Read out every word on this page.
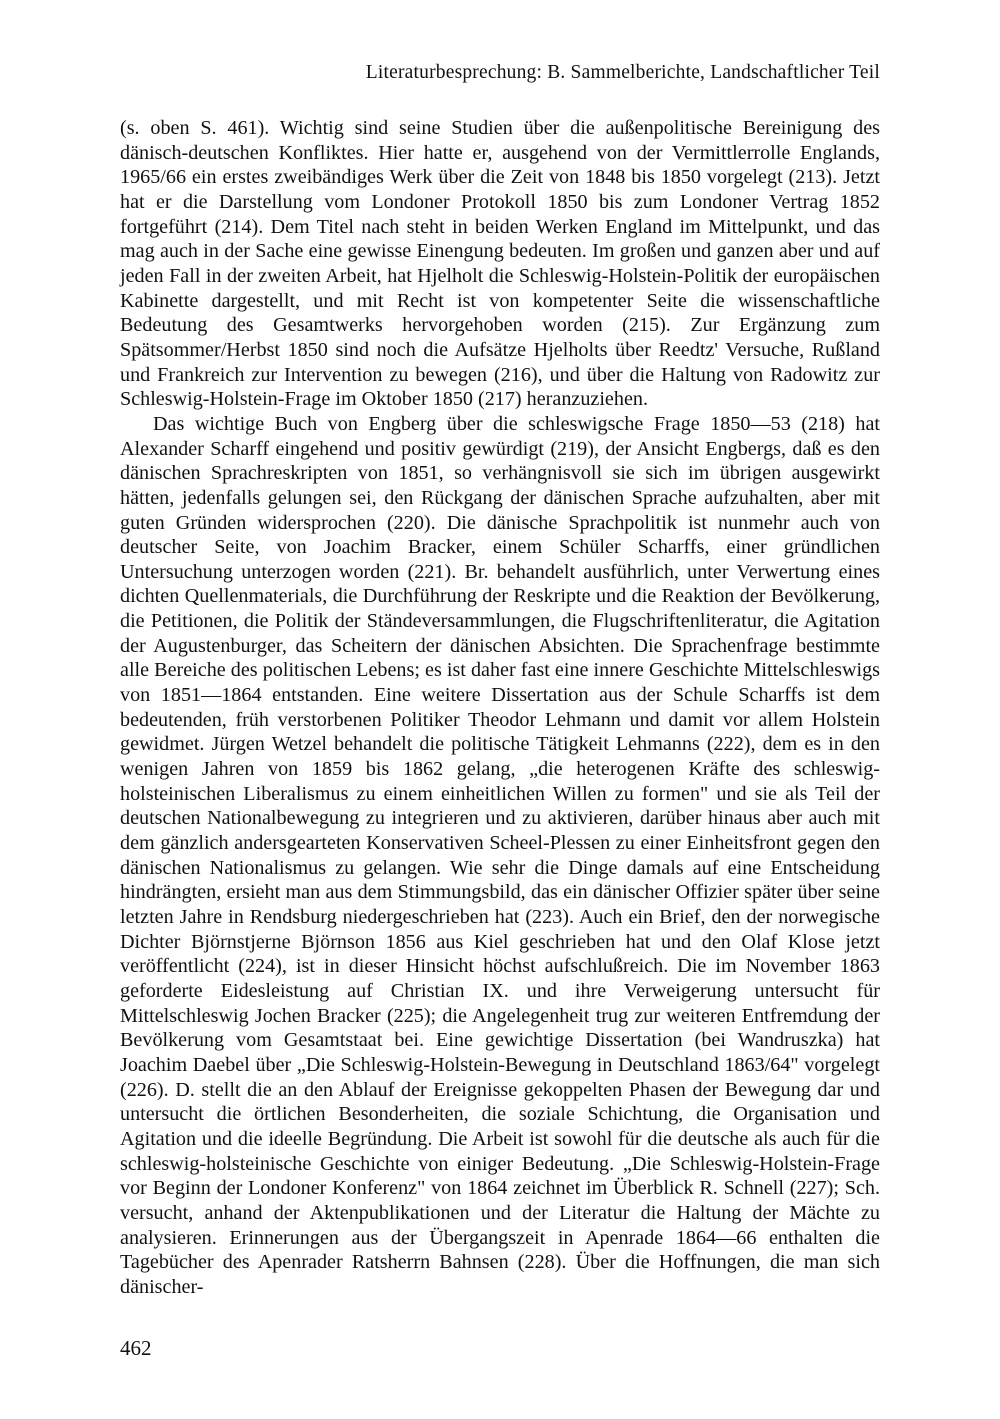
Literaturbesprechung: B. Sammelberichte, Landschaftlicher Teil

(s. oben S. 461). Wichtig sind seine Studien über die außenpolitische Bereinigung des dänisch-deutschen Konfliktes. Hier hatte er, ausgehend von der Vermittlerrolle Englands, 1965/66 ein erstes zweibändiges Werk über die Zeit von 1848 bis 1850 vorgelegt (213). Jetzt hat er die Darstellung vom Londoner Protokoll 1850 bis zum Londoner Vertrag 1852 fortgeführt (214). Dem Titel nach steht in beiden Werken England im Mittelpunkt, und das mag auch in der Sache eine gewisse Einengung bedeuten. Im großen und ganzen aber und auf jeden Fall in der zweiten Arbeit, hat Hjelholt die Schleswig-Holstein-Politik der europäischen Kabinette dargestellt, und mit Recht ist von kompetenter Seite die wissenschaftliche Bedeutung des Gesamtwerks hervorgehoben worden (215). Zur Ergänzung zum Spätsommer/Herbst 1850 sind noch die Aufsätze Hjelholts über Reedtz' Versuche, Rußland und Frankreich zur Intervention zu bewegen (216), und über die Haltung von Radowitz zur Schleswig-Holstein-Frage im Oktober 1850 (217) heranzuziehen.

Das wichtige Buch von Engberg über die schleswigsche Frage 1850—53 (218) hat Alexander Scharff eingehend und positiv gewürdigt (219), der Ansicht Engbergs, daß es den dänischen Sprachreskripten von 1851, so verhängnisvoll sie sich im übrigen ausgewirkt hätten, jedenfalls gelungen sei, den Rückgang der dänischen Sprache aufzuhalten, aber mit guten Gründen widersprochen (220). Die dänische Sprachpolitik ist nunmehr auch von deutscher Seite, von Joachim Bracker, einem Schüler Scharffs, einer gründlichen Untersuchung unterzogen worden (221). Br. behandelt ausführlich, unter Verwertung eines dichten Quellenmaterials, die Durchführung der Reskripte und die Reaktion der Bevölkerung, die Petitionen, die Politik der Ständeversammlungen, die Flugschriftenliteratur, die Agitation der Augustenburger, das Scheitern der dänischen Absichten. Die Sprachenfrage bestimmte alle Bereiche des politischen Lebens; es ist daher fast eine innere Geschichte Mittelschleswigs von 1851—1864 entstanden. Eine weitere Dissertation aus der Schule Scharffs ist dem bedeutenden, früh verstorbenen Politiker Theodor Lehmann und damit vor allem Holstein gewidmet. Jürgen Wetzel behandelt die politische Tätigkeit Lehmanns (222), dem es in den wenigen Jahren von 1859 bis 1862 gelang, „die heterogenen Kräfte des schleswig-holsteinischen Liberalismus zu einem einheitlichen Willen zu formen" und sie als Teil der deutschen Nationalbewegung zu integrieren und zu aktivieren, darüber hinaus aber auch mit dem gänzlich andersgearteten Konservativen Scheel-Plessen zu einer Einheitsfront gegen den dänischen Nationalismus zu gelangen. Wie sehr die Dinge damals auf eine Entscheidung hindrängten, ersieht man aus dem Stimmungsbild, das ein dänischer Offizier später über seine letzten Jahre in Rendsburg niedergeschrieben hat (223). Auch ein Brief, den der norwegische Dichter Björnstjerne Björnson 1856 aus Kiel geschrieben hat und den Olaf Klose jetzt veröffentlicht (224), ist in dieser Hinsicht höchst aufschlußreich. Die im November 1863 geforderte Eidesleistung auf Christian IX. und ihre Verweigerung untersucht für Mittelschleswig Jochen Bracker (225); die Angelegenheit trug zur weiteren Entfremdung der Bevölkerung vom Gesamtstaat bei. Eine gewichtige Dissertation (bei Wandruszka) hat Joachim Daebel über „Die Schleswig-Holstein-Bewegung in Deutschland 1863/64" vorgelegt (226). D. stellt die an den Ablauf der Ereignisse gekoppelten Phasen der Bewegung dar und untersucht die örtlichen Besonderheiten, die soziale Schichtung, die Organisation und Agitation und die ideelle Begründung. Die Arbeit ist sowohl für die deutsche als auch für die schleswig-holsteinische Geschichte von einiger Bedeutung. „Die Schleswig-Holstein-Frage vor Beginn der Londoner Konferenz" von 1864 zeichnet im Überblick R. Schnell (227); Sch. versucht, anhand der Aktenpublikationen und der Literatur die Haltung der Mächte zu analysieren. Erinnerungen aus der Übergangszeit in Apenrade 1864—66 enthalten die Tagebücher des Apenrader Ratsherrn Bahnsen (228). Über die Hoffnungen, die man sich dänischer-

462
